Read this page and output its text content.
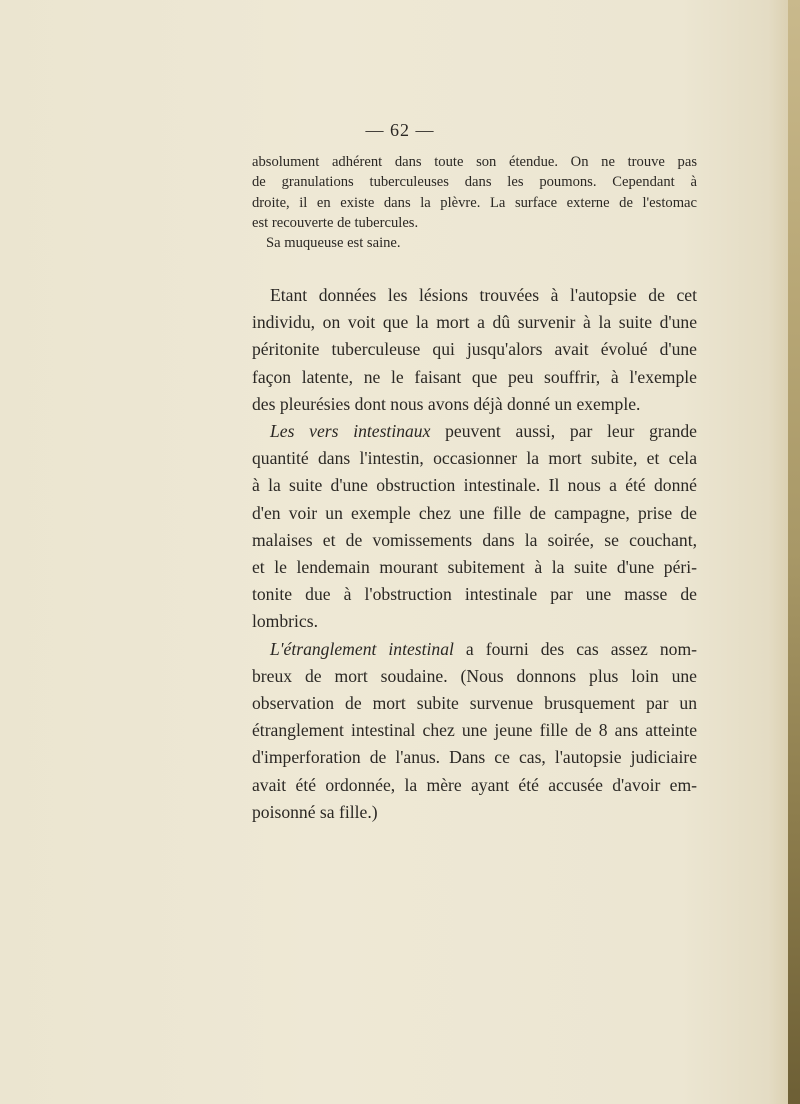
— 62 —
absolument adhérent dans toute son étendue. On ne trouve pas
de granulations tuberculeuses dans les poumons. Cependant à
droite, il en existe dans la plèvre. La surface externe de l'estomac
est recouverte de tubercules.
Sa muqueuse est saine.
Etant données les lésions trouvées à l'autopsie de cet
individu, on voit que la mort a dû survenir à la suite d'une
péritonite tuberculeuse qui jusqu'alors avait évolué d'une
façon latente, ne le faisant que peu souffrir, à l'exemple
des pleurésies dont nous avons déjà donné un exemple.
Les vers intestinaux peuvent aussi, par leur grande
quantité dans l'intestin, occasionner la mort subite, et cela
à la suite d'une obstruction intestinale. Il nous a été donné
d'en voir un exemple chez une fille de campagne, prise de
malaises et de vomissements dans la soirée, se couchant,
et le lendemain mourant subitement à la suite d'une péri-
tonite due à l'obstruction intestinale par une masse de
lombrics.
L'étranglement intestinal a fourni des cas assez nom-
breux de mort soudaine. (Nous donnons plus loin une
observation de mort subite survenue brusquement par un
étranglement intestinal chez une jeune fille de 8 ans atteinte
d'imperforation de l'anus. Dans ce cas, l'autopsie judiciaire
avait été ordonnée, la mère ayant été accusée d'avoir em-
poisonné sa fille.)
